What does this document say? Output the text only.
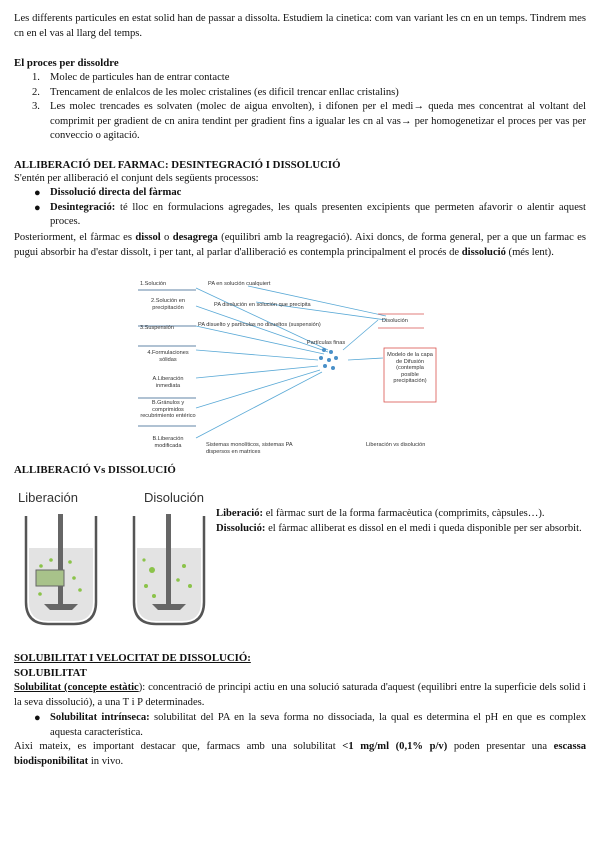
Les differents particules en estat solid han de passar a dissolta. Estudiem la cinetica: com van variant les cn en un temps. Tindrem mes cn en el vas al llarg del temps.

El proces per dissoldre
1. Molec de particules han de entrar contacte
2. Trencament de enlalcos de les molec cristalines (es dificil trencar enllac cristalins)
3. Les molec trencades es solvaten (molec de aigua envolten), i difonen per el medi→ queda mes concentrat al voltant del comprimit per gradient de cn anira tendint per gradient fins a igualar les cn al vas→ per homogenetizar el proces per vas per conveccio o agitació.
ALLIBERACIÓ DEL FARMAC: DESINTEGRACIÓ I DISSOLUCIÓ

S'entén per alliberació el conjunt dels següents processos:

● Dissolució directa del fàrmac
● Desintegració: té lloc en formulacions agregades, les quals presenten excipients que permeten afavorir o alentir aquest proces.

Posteriorment, el fàrmac es dissol o desagrega (equilibri amb la reagregació). Aixi doncs, de forma general, per a que un farmac es pugui absorbir ha d'estar dissolt, i per tant, al parlar d'alliberació es contempla principalment el procés de dissolució (més lent).

1.Solución
2.Solución en precipitación
3.Suspensión
4.Formulaciones sólidas
A.Liberación inmediata
B.Gránulos y comprimidos recubrimiento entérico
B.Liberación modificada
PA en solución cualquiert
PA disolución en solución que precipita
PA disuelto y partículas no disueltos (suspensión)
Partículas finas
Disolución
Modelo de la capa de Difusión (contempla posible precipitación)
Sistemas monolíticos, sistemas PA dispersos en matrices
Liberación vs disolución
ALLIBERACIÓ Vs DISSOLUCIÓ
Liberación	Disolución

Liberació: el fàrmac surt de la forma farmacèutica (comprimits, càpsules…).

Dissolució: el fàrmac alliberat es dissol en el medi i queda disponible per ser absorbit.

SOLUBILITAT I VELOCITAT DE DISSOLUCIÓ:
SOLUBILITAT

Solubilitat (concepte estàtic): concentració de principi actiu en una solució saturada d'aquest (equilibri entre la superficie dels solid i la seva dissolució), a una T i P determinades.

● Solubilitat intrínseca: solubilitat del PA en la seva forma no dissociada, la qual es determina el pH en que es complex aquesta característica.

Aixi mateix, es important destacar que, farmacs amb una solubilitat <1 mg/ml (0,1% p/v) poden presentar una escassa biodisponibilitat in vivo.
